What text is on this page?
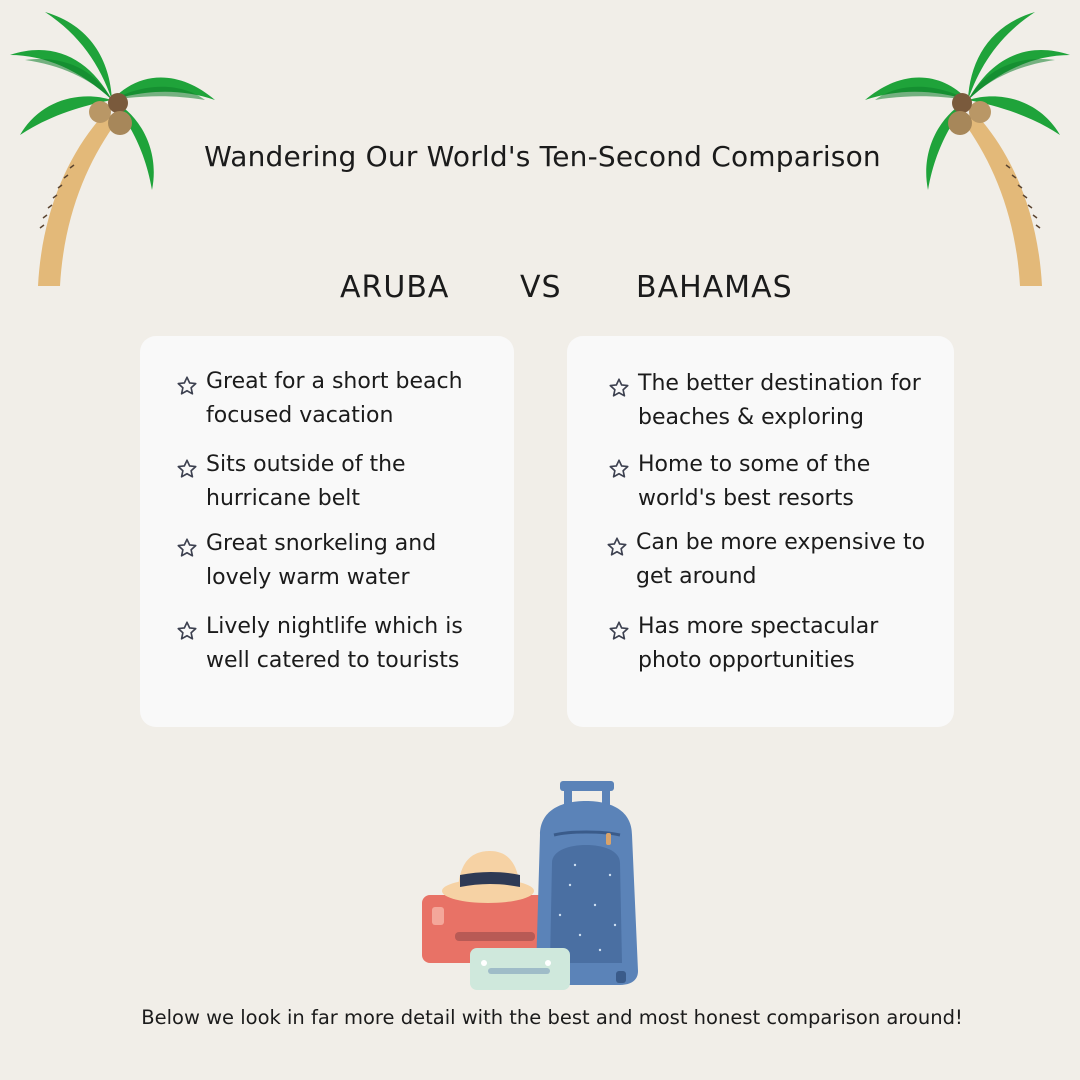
Wandering Our World's Ten-Second Comparison
ARUBA VS BAHAMAS
Great for a short beach focused vacation
Sits outside of the hurricane belt
Great snorkeling and lovely warm water
Lively nightlife which is well catered to tourists
The better destination for beaches & exploring
Home to some of the world's best resorts
Can be more expensive to get around
Has more spectacular photo opportunities
Below we look in far more detail with the best and most honest comparison around!
